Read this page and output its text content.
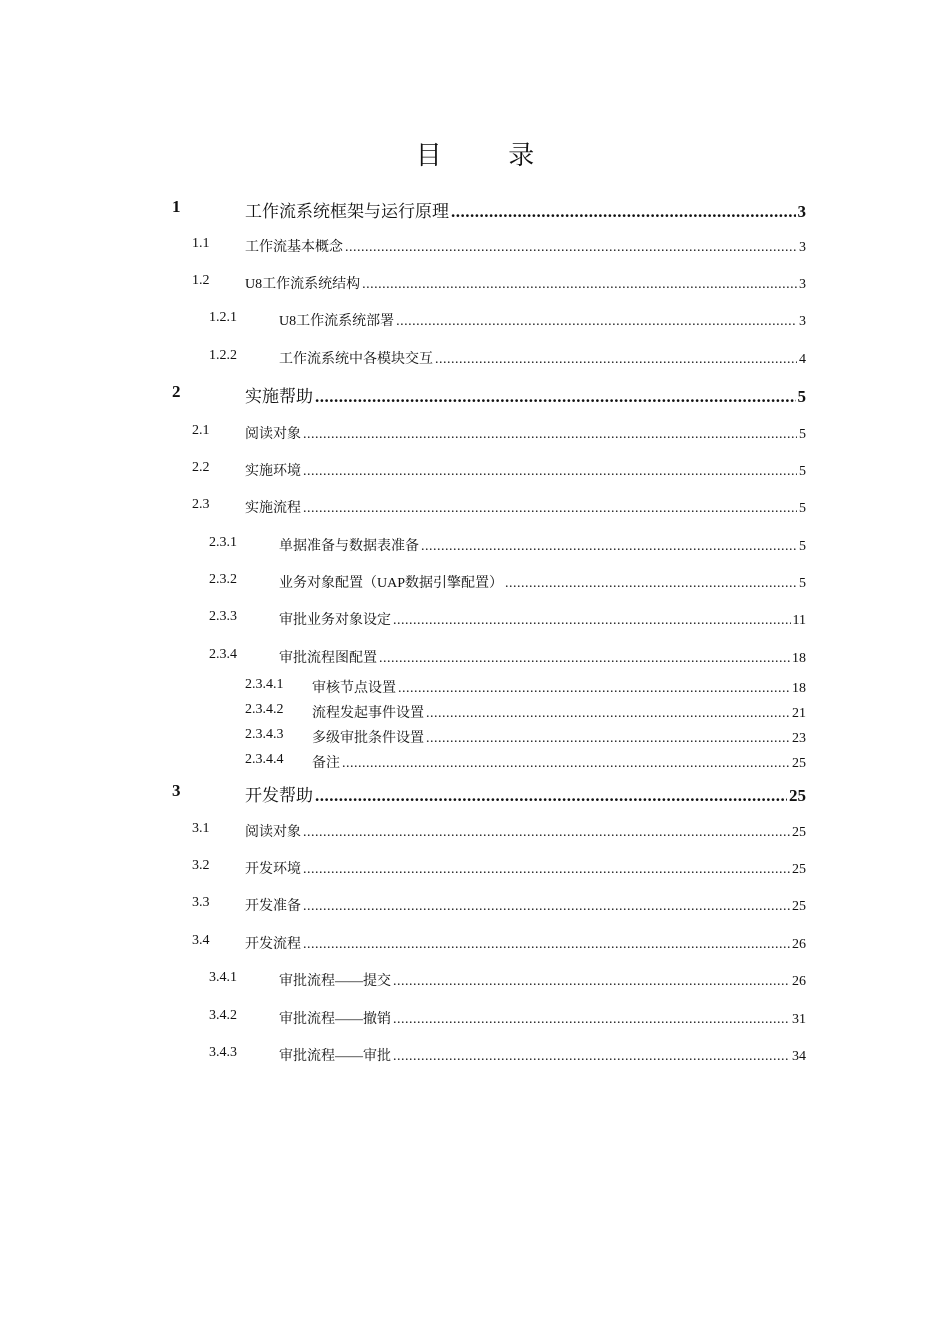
目 录
1	工作流系统框架与运行原理 .....	3
1.1	工作流基本概念 .....	3
1.2	U8工作流系统结构 .....	3
1.2.1	U8工作流系统部署 .....	3
1.2.2	工作流系统中各模块交互 .....	4
2	实施帮助 .....	5
2.1	阅读对象 .....	5
2.2	实施环境 .....	5
2.3	实施流程 .....	5
2.3.1	单据准备与数据表准备 .....	5
2.3.2	业务对象配置（UAP数据引擎配置） .....	5
2.3.3	审批业务对象设定 .....	11
2.3.4	审批流程图配置 .....	18
2.3.4.1 审核节点设置 .....	18
2.3.4.2 流程发起事件设置 .....	21
2.3.4.3 多级审批条件设置 .....	23
2.3.4.4 备注 .....	25
3	开发帮助 .....	25
3.1	阅读对象 .....	25
3.2	开发环境 .....	25
3.3	开发准备 .....	25
3.4	开发流程 .....	26
3.4.1	审批流程——提交 .....	26
3.4.2	审批流程——撤销 .....	31
3.4.3	审批流程——审批 .....	34
